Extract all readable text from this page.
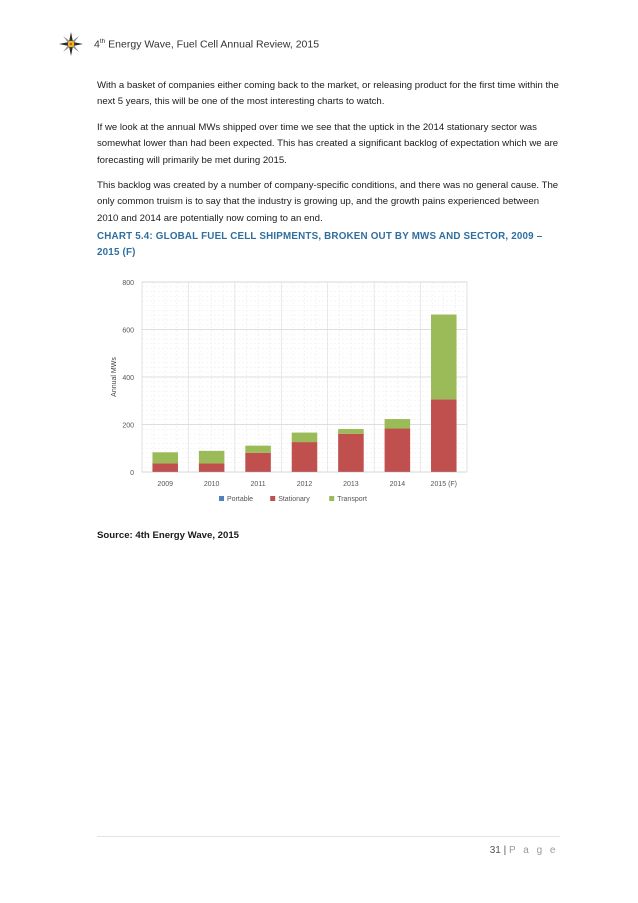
4th Energy Wave, Fuel Cell Annual Review, 2015

With a basket of companies either coming back to the market, or releasing product for the first time within the next 5 years, this will be one of the most interesting charts to watch.

If we look at the annual MWs shipped over time we see that the uptick in the 2014 stationary sector was somewhat lower than had been expected. This has created a significant backlog of expectation which we are forecasting will primarily be met during 2015.

This backlog was created by a number of company-specific conditions, and there was no general cause. The only common truism is to say that the industry is growing up, and the growth pains experienced between 2010 and 2014 are potentially now coming to an end.

CHART 5.4: GLOBAL FUEL CELL SHIPMENTS, BROKEN OUT BY MWS AND SECTOR, 2009 – 2015 (F)
0
200
400
600
800
Annual MWs
2009	2010	2011	2012	2013	2014	2015 (F)
Portable	Stationary	Transport
Source: 4th Energy Wave, 2015
31 | P a g e
